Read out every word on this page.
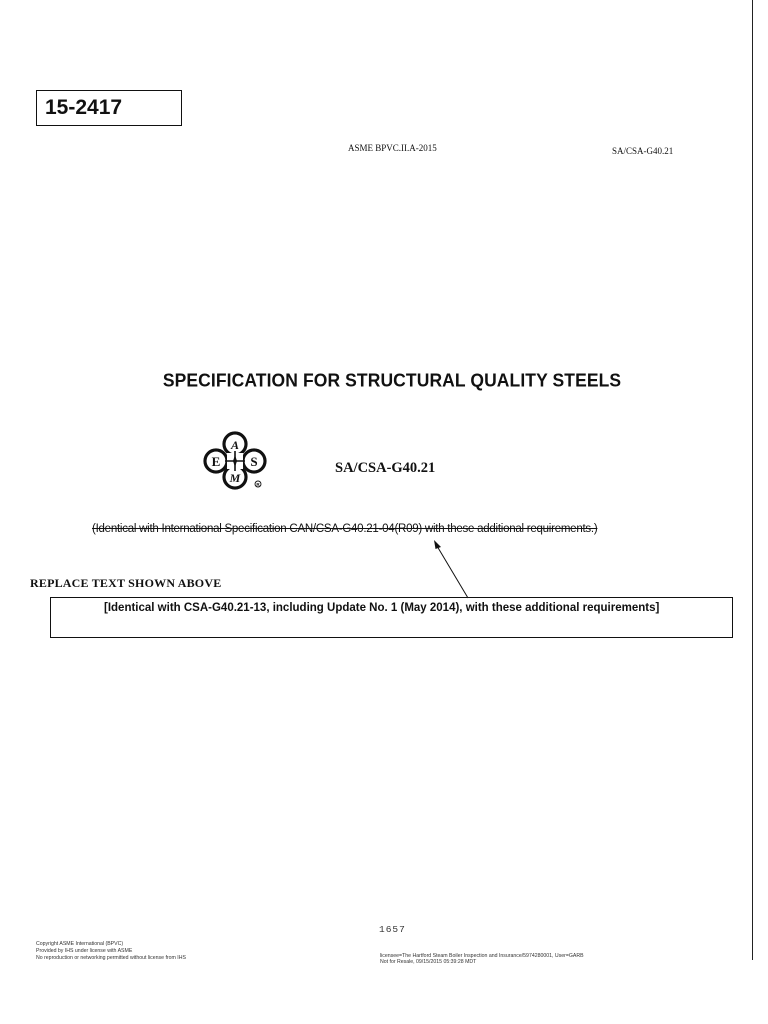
15-2417
ASME BPVC.II.A-2015	SA/CSA-G40.21
SPECIFICATION FOR STRUCTURAL QUALITY STEELS
A
S
M
E
R
SA/CSA-G40.21
(Identical with International Specification CAN/CSA-G40.21-04(R09) with these additional requirements.)
REPLACE TEXT SHOWN ABOVE
[Identical with CSA-G40.21-13, including Update No. 1 (May 2014), with these additional requirements]
1657
Copyright ASME International (BPVC)
Provided by IHS under license with ASME
No reproduction or networking permitted without license from IHS	licensee=The Hartford Steam Boiler Inspection and Insurance/5974280001, User=GARB
Not for Resale, 09/15/2015 05:39:28 MDT
